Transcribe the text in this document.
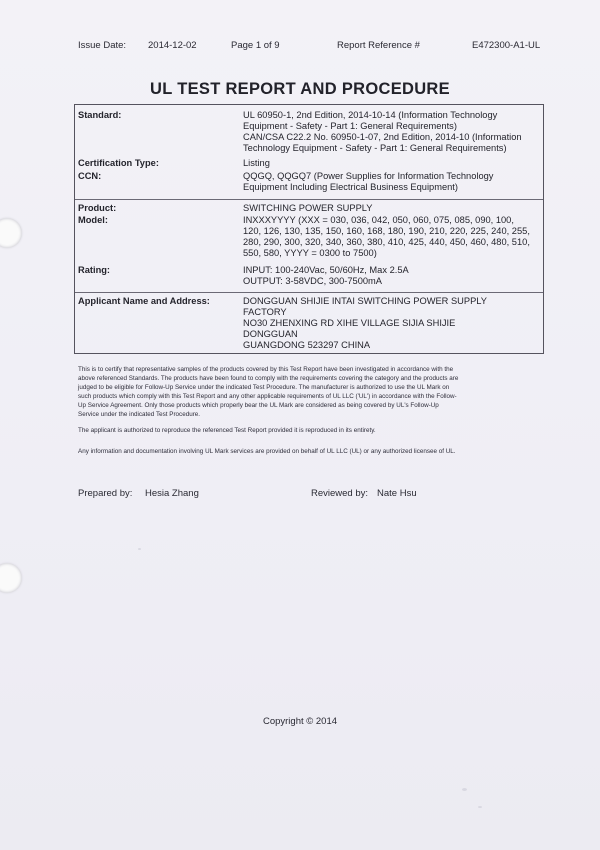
Issue Date: 2014-12-02	Page 1 of 9	Report Reference #	E472300-A1-UL
UL TEST REPORT AND PROCEDURE
Standard:	UL 60950-1, 2nd Edition, 2014-10-14 (Information Technology
Equipment - Safety - Part 1: General Requirements)
CAN/CSA C22.2 No. 60950-1-07, 2nd Edition, 2014-10 (Information
Technology Equipment - Safety - Part 1: General Requirements)
Certification Type:	Listing
CCN:	QQGQ, QQGQ7 (Power Supplies for Information Technology
Equipment Including Electrical Business Equipment)
Product:	SWITCHING POWER SUPPLY
Model:	INXXXYYYY (XXX = 030, 036, 042, 050, 060, 075, 085, 090, 100,
120, 126, 130, 135, 150, 160, 168, 180, 190, 210, 220, 225, 240, 255,
280, 290, 300, 320, 340, 360, 380, 410, 425, 440, 450, 460, 480, 510,
550, 580, YYYY = 0300 to 7500)
Rating:	INPUT: 100-240Vac, 50/60Hz, Max 2.5A
OUTPUT: 3-58VDC, 300-7500mA
Applicant Name and Address:	DONGGUAN SHIJIE INTAI SWITCHING POWER SUPPLY
FACTORY
NO30 ZHENXING RD XIHE VILLAGE SIJIA SHIJIE
DONGGUAN
GUANGDONG 523297 CHINA
This is to certify that representative samples of the products covered by this Test Report have been investigated in accordance with the
above referenced Standards. The products have been found to comply with the requirements covering the category and the products are
judged to be eligible for Follow-Up Service under the indicated Test Procedure. The manufacturer is authorized to use the UL Mark on
such products which comply with this Test Report and any other applicable requirements of UL LLC ('UL') in accordance with the Follow-
Up Service Agreement. Only those products which properly bear the UL Mark are considered as being covered by UL's Follow-Up
Service under the indicated Test Procedure.
The applicant is authorized to reproduce the referenced Test Report provided it is reproduced in its entirety.
Any information and documentation involving UL Mark services are provided on behalf of UL LLC (UL) or any authorized licensee of UL.
Prepared by: Hesia Zhang	Reviewed by: Nate Hsu
Copyright © 2014
